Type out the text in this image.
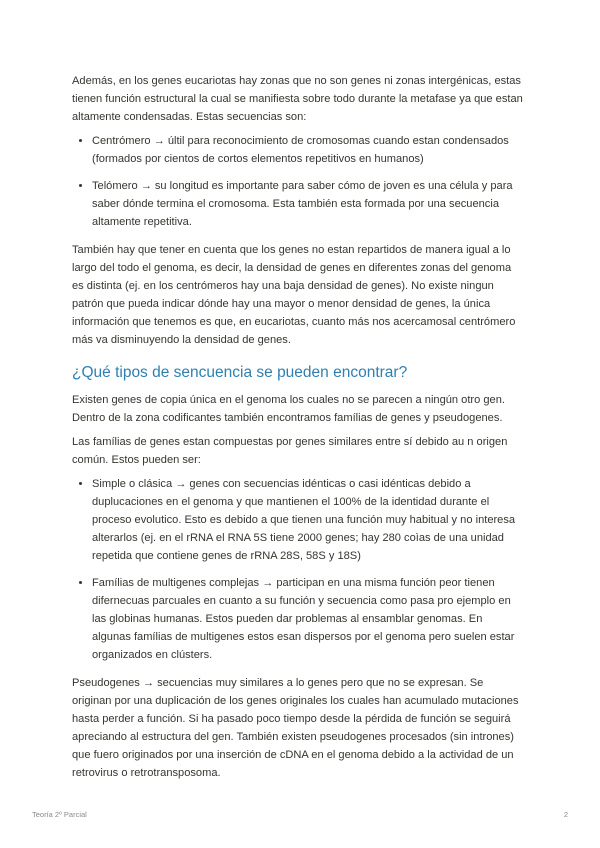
Además, en los genes eucariotas hay zonas que no son genes ni zonas intergénicas, estas tienen función estructural la cual se manifiesta sobre todo durante la metafase ya que estan altamente condensadas. Estas secuencias son:

• Centrómero → últil para reconocimiento de cromosomas cuando estan condensados (formados por cientos de cortos elementos repetitivos en humanos)
• Telómero → su longitud es importante para saber cómo de joven es una célula y para saber dónde termina el cromosoma. Esta también esta formada por una secuencia altamente repetitiva.

También hay que tener en cuenta que los genes no estan repartidos de manera igual a lo largo del todo el genoma, es decir, la densidad de genes en diferentes zonas del genoma es distinta (ej. en los centrómeros hay una baja densidad de genes). No existe ningun patrón que pueda indicar dónde hay una mayor o menor densidad de genes, la única información que tenemos es que, en eucariotas, cuanto más nos acercamosal centrómero más va disminuyendo la densidad de genes.

¿Qué tipos de sencuencia se pueden encontrar?

Existen genes de copia única en el genoma los cuales no se parecen a ningún otro gen. Dentro de la zona codificantes también encontramos famílias de genes y pseudogenes.

Las famílias de genes estan compuestas por genes similares entre sí debido au n origen común. Estos pueden ser:

• Simple o clásica → genes con secuencias idénticas o casi idénticas debido a duplucaciones en el genoma y que mantienen el 100% de la identidad durante el proceso evolutico. Esto es debido a que tienen una función muy habitual y no interesa alterarlos (ej. en el rRNA el RNA 5S tiene 2000 genes; hay 280 coìas de una unidad repetida que contiene genes de rRNA 28S, 58S y 18S)
• Famílias de multigenes complejas → participan en una misma función peor tienen difernecuas parcuales en cuanto a su función y secuencia como pasa pro ejemplo en las globinas humanas. Estos pueden dar problemas al ensamblar genomas. En algunas famílias de multigenes estos esan dispersos por el genoma pero suelen estar organizados en clústers.

Pseudogenes → secuencias muy similares a lo genes pero que no se expresan. Se originan por una duplicación de los genes originales los cuales han acumulado mutaciones hasta perder a función. Si ha pasado poco tiempo desde la pérdida de función se seguirá apreciando al estructura del gen. También existen pseudogenes procesados (sin intrones) que fuero originados por una inserción de cDNA en el genoma debido a la actividad de un retrovirus o retrotransposoma.

Teoría 2º Parcial	2
